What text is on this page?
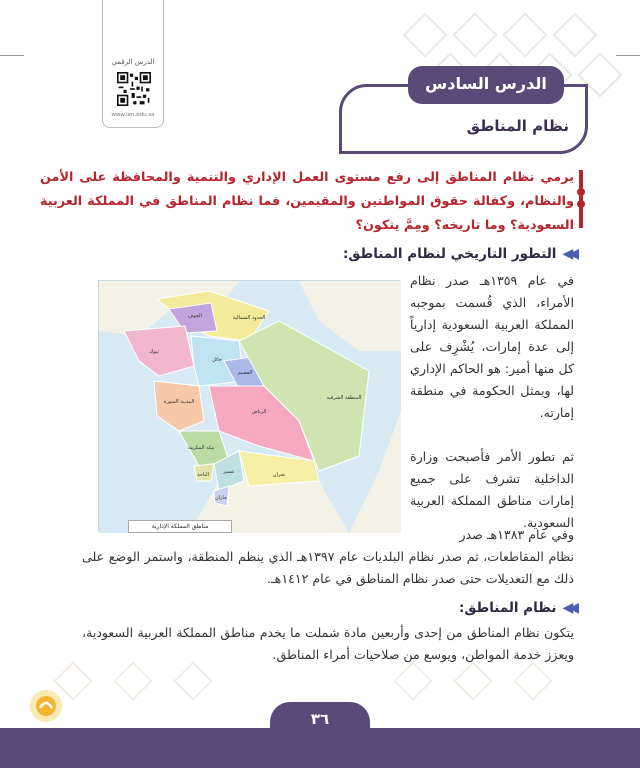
الدرس الرقمي
www.ien.edu.sa
نظام المناطق
الدرس السادس
يرمي نظام المناطق إلى رفع مستوى العمل الإداري والتنمية والمحافظة على الأمن والنظام، وكفالة حقوق المواطنين والمقيمين، فما نظام المناطق في المملكة العربية السعودية؟ وما تاريخه؟ ومِمَّ يتكون؟
◀◀
التطور التاريخي لنظام المناطق:
الحدود الشمالية
الجوف
تبوك
حائل
القصيم
المدينة المنورة
الرياض
المنطقة الشرقية
مكة المكرمة
الباحة	عسير	نجران
جازان
مناطق المملكة الإدارية
في عام ١٣٥٩هـ صدر نظام الأمراء، الذي قُسمت بموجبه المملكة العربية السعودية إدارياً إلى عدة إمارات، يُشْرِف على كل منها أمير: هو الحاكم الإداري لها، ويمثل الحكومة في منطقة إمارته.
ثم تطور الأمر فأصبحت وزارة الداخلية تشرف على جميع إمارات مناطق المملكة العربية السعودية.
وفي عام ١٣٨٣هـ صدر
نظام المقاطعات، ثم صدر نظام البلديات عام ١٣٩٧هـ الذي ينظم المنطقة، واستمر الوضع على ذلك مع التعديلات حتى صدر نظام المناطق في عام ١٤١٢هـ.
◀◀
نظام المناطق:
يتكون نظام المناطق من إحدى وأربعين مادة شملت ما يخدم مناطق المملكة العربية السعودية، ويعزز خدمة المواطن، ويوسع من صلاحيات أمراء المناطق.
٣٦
